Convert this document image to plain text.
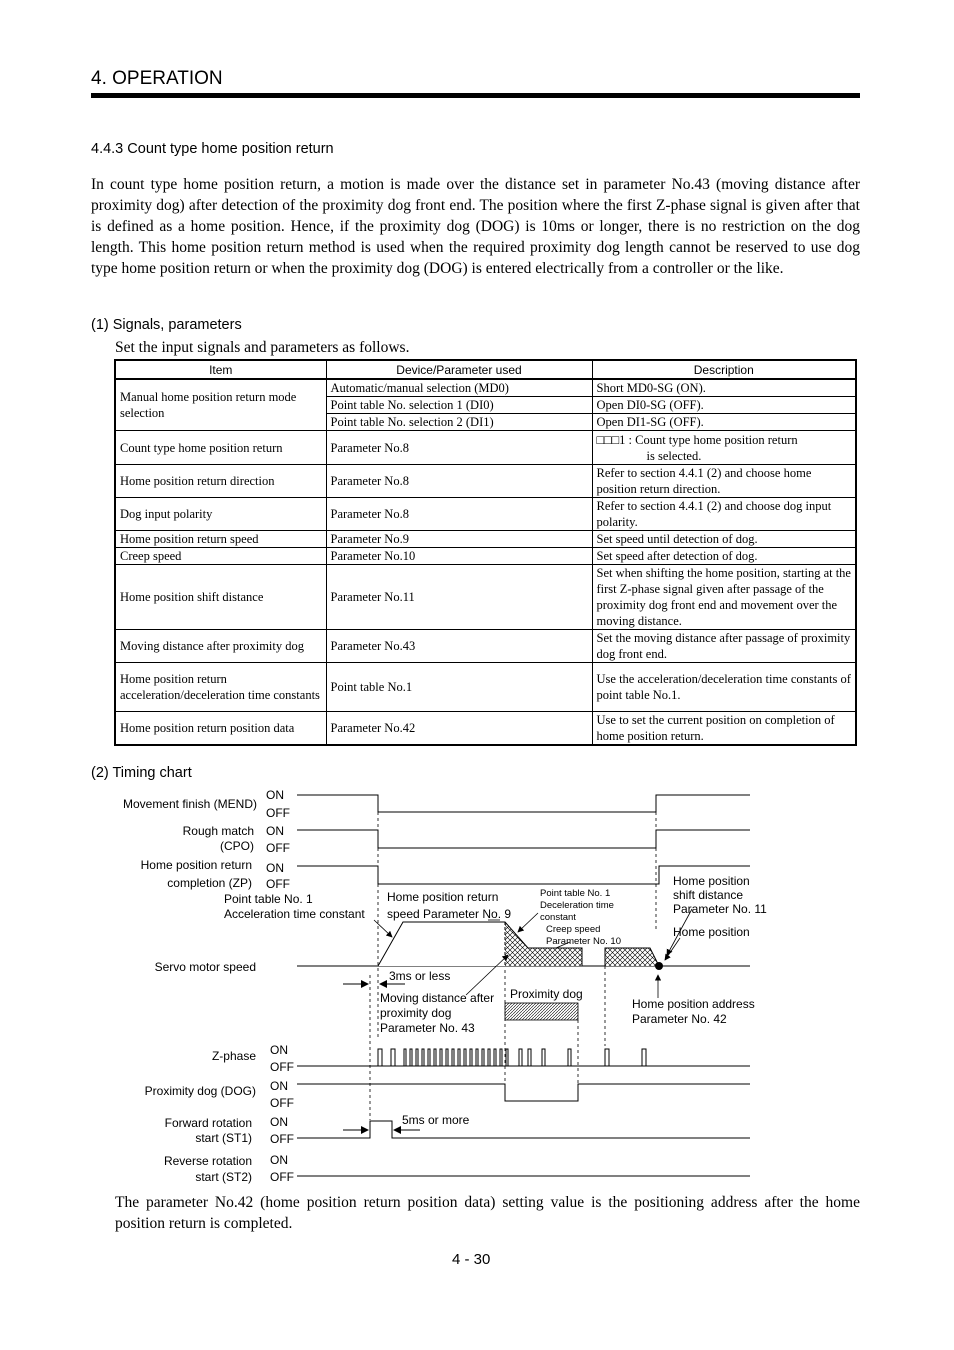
4. OPERATION
4.4.3 Count type home position return

In count type home position return, a motion is made over the distance set in parameter No.43 (moving distance after proximity dog) after detection of the proximity dog front end. The position where the first Z-phase signal is given after that is defined as a home position. Hence, if the proximity dog (DOG) is 10ms or longer, there is no restriction on the dog length. This home position return method is used when the required proximity dog length cannot be reserved to use dog type home position return or when the proximity dog (DOG) is entered electrically from a controller or the like.

(1) Signals, parameters
Set the input signals and parameters as follows.
Item	Device/Parameter used	Description
Manual home position return mode selection	Automatic/manual selection (MD0)	Short MD0-SG (ON).
	Point table No. selection 1 (DI0)	Open DI0-SG (OFF).
	Point table No. selection 2 (DI1)	Open DI1-SG (OFF).
Count type home position return	Parameter No.8	□□□1 : Count type home position return
is selected.

Home position return direction	Parameter No.8	Refer to section 4.4.1 (2) and choose home position return direction.
Dog input polarity	Parameter No.8	Refer to section 4.4.1 (2) and choose dog input polarity.
Home position return speed	Parameter No.9	Set speed until detection of dog.
Creep speed	Parameter No.10	Set speed after detection of dog.
Home position shift distance	Parameter No.11	Set when shifting the home position, starting at the first Z-phase signal given after passage of the proximity dog front end and movement over the moving distance.
Moving distance after proximity dog	Parameter No.43	Set the moving distance after passage of proximity dog front end.
Home position return acceleration/deceleration time constants	Point table No.1	Use the acceleration/deceleration time constants of point table No.1.
Home position return position data	Parameter No.42	Use to set the current position on completion of home position return.
(2) Timing chart
Movement finish (MEND)
Rough match
(CPO)
Home position return
completion (ZP)
Servo motor speed
Z-phase
Proximity dog (DOG)
Forward rotation
start (ST1)
Reverse rotation
start (ST2)
ON
OFF
ON
OFF
ON
OFF
ON
OFF
ON
OFF
ON
OFF
ON
OFF
Point table No. 1
Acceleration time constant
Home position return
speed Parameter No. 9
Point table No. 1
Deceleration time
constant
Creep speed
Parameter No. 10
Home position
shift distance
Parameter No. 11
Home position
3ms or less
Moving distance after
proximity dog
Parameter No. 43
Proximity dog
Home position address
Parameter No. 42
5ms or more

The parameter No.42 (home position return position data) setting value is the positioning address after the home position return is completed.

4 - 30
